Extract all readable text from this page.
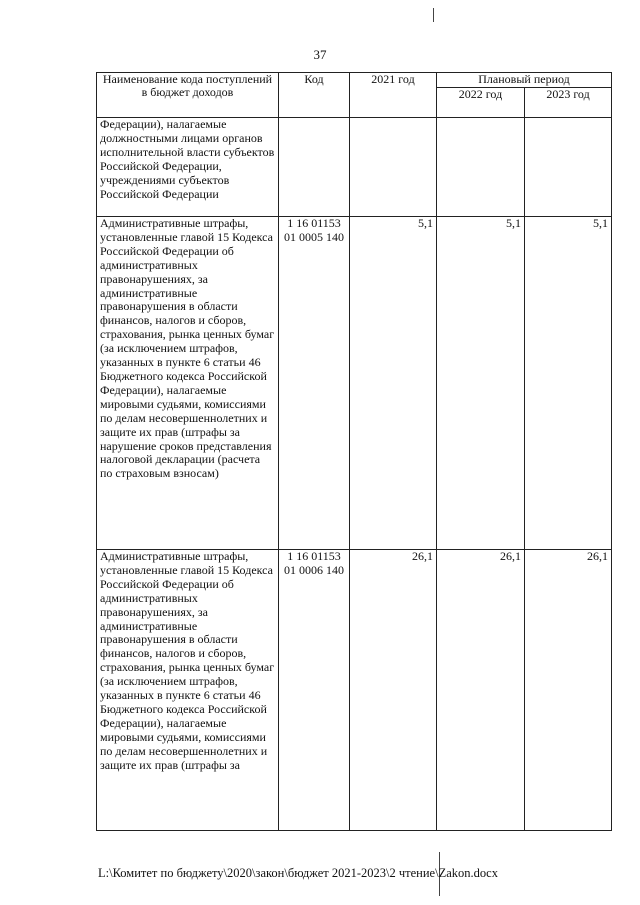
37
Наименование кода поступлений в бюджет доходов	Код	2021 год	Плановый период	
			2022 год	2023 год
Федерации), налагаемые должностными лицами органов исполнительной власти субъектов Российской Федерации, учреждениями субъектов Российской Федерации				
Административные штрафы, установленные главой 15 Кодекса Российской Федерации об административных правонарушениях, за административные правонарушения в области финансов, налогов и сборов, страхования, рынка ценных бумаг (за исключением штрафов, указанных в пункте 6 статьи 46 Бюджетного кодекса Российской Федерации), налагаемые мировыми судьями, комиссиями по делам несовершеннолетних и защите их прав (штрафы за нарушение сроков представления налоговой декларации (расчета по страховым взносам)	1 16 01153 01 0005 140	5,1	5,1	5,1
Административные штрафы, установленные главой 15 Кодекса Российской Федерации об административных правонарушениях, за административные правонарушения в области финансов, налогов и сборов, страхования, рынка ценных бумаг (за исключением штрафов, указанных в пункте 6 статьи 46 Бюджетного кодекса Российской Федерации), налагаемые мировыми судьями, комиссиями по делам несовершеннолетних и защите их прав (штрафы за	1 16 01153 01 0006 140	26,1	26,1	26,1
L:\Комитет по бюджету\2020\закон\бюджет 2021-2023\2 чтение\Zakon.docx
